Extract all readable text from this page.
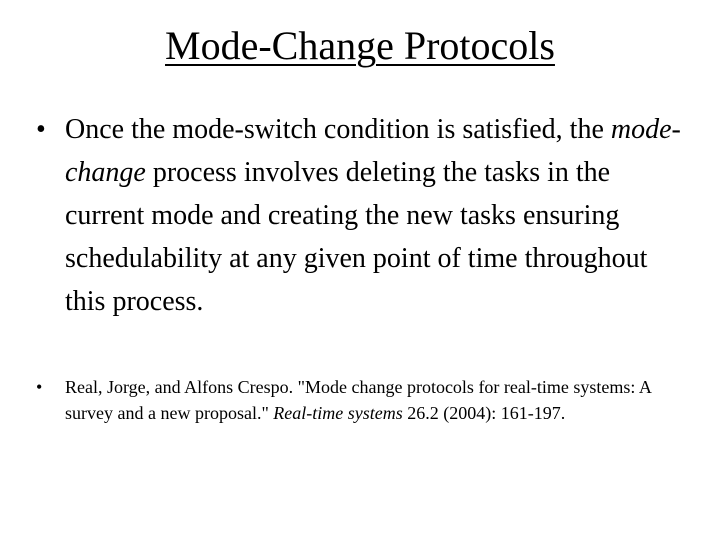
Mode-Change Protocols
• Once the mode-switch condition is satisfied, the mode-change process involves deleting the tasks in the current mode and creating the new tasks ensuring schedulability at any given point of time throughout this process.
•	Real, Jorge, and Alfons Crespo. "Mode change protocols for real-time systems: A survey and a new proposal." Real-time systems 26.2 (2004): 161-197.
